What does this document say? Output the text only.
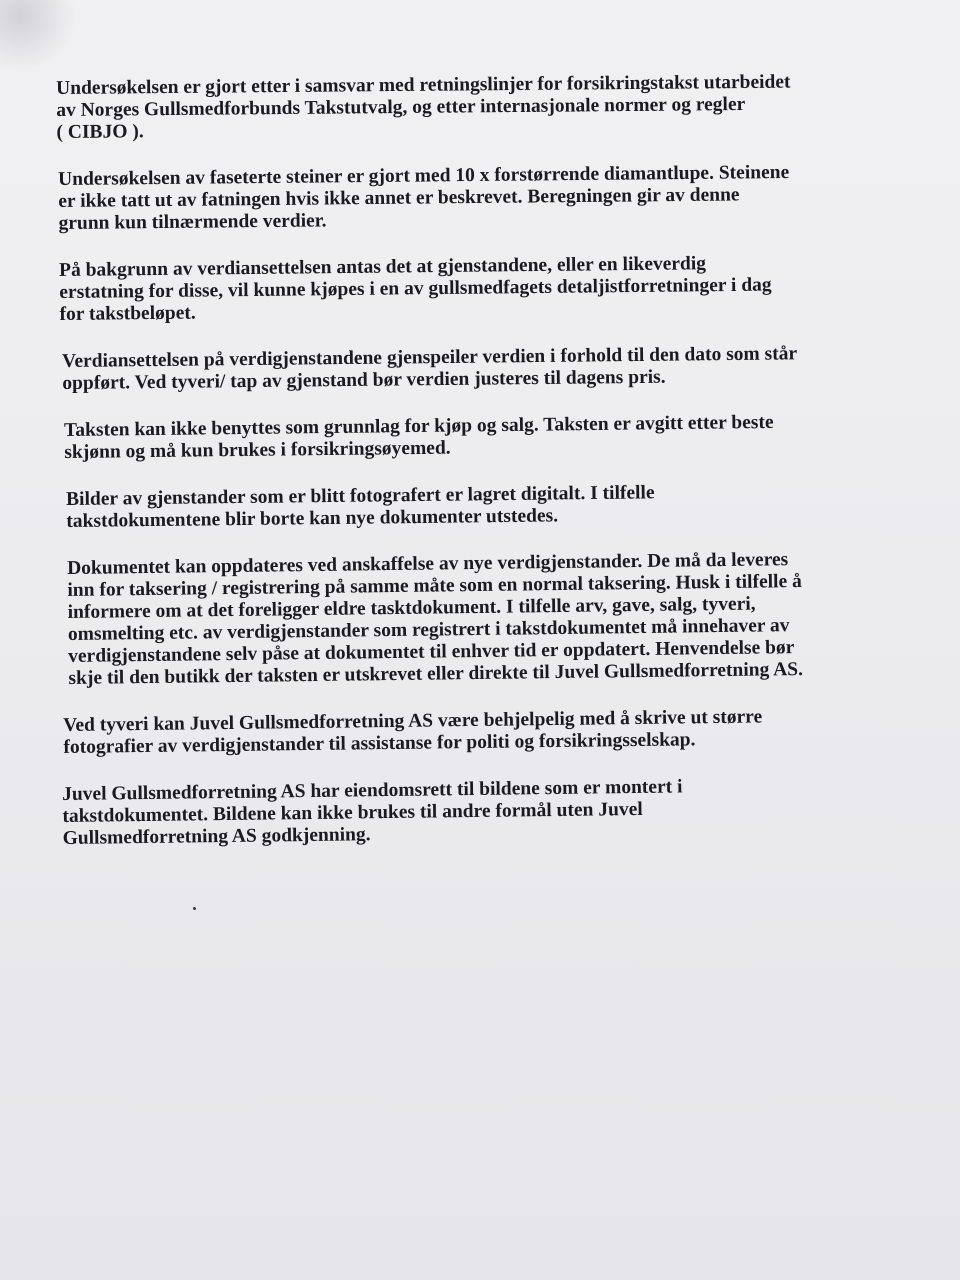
Undersøkelsen er gjort etter i samsvar med retningslinjer for forsikringstakst utarbeidet
av Norges Gullsmedforbunds Takstutvalg, og etter internasjonale normer og regler
( CIBJO ).

Undersøkelsen av faseterte steiner er gjort med 10 x forstørrende diamantlupe. Steinene
er ikke tatt ut av fatningen hvis ikke annet er beskrevet. Beregningen gir av denne
grunn kun tilnærmende verdier.

På bakgrunn av verdiansettelsen antas det at gjenstandene, eller en likeverdig
erstatning for disse, vil kunne kjøpes i en av gullsmedfagets detaljistforretninger i dag
for takstbeløpet.

Verdiansettelsen på verdigjenstandene gjenspeiler verdien i forhold til den dato som står
oppført. Ved tyveri/ tap av gjenstand bør verdien justeres til dagens pris.

Taksten kan ikke benyttes som grunnlag for kjøp og salg. Taksten er avgitt etter beste
skjønn og må kun brukes i forsikringsøyemed.

Bilder av gjenstander som er blitt fotografert er lagret digitalt. I tilfelle
takstdokumentene blir borte kan nye dokumenter utstedes.

Dokumentet kan oppdateres ved anskaffelse av nye verdigjenstander. De må da leveres
inn for taksering / registrering på samme måte som en normal taksering. Husk i tilfelle å
informere om at det foreligger eldre tasktdokument. I tilfelle arv, gave, salg, tyveri,
omsmelting etc. av verdigjenstander som registrert i takstdokumentet må innehaver av
verdigjenstandene selv påse at dokumentet til enhver tid er oppdatert. Henvendelse bør
skje til den butikk der taksten er utskrevet eller direkte til Juvel Gullsmedforretning AS.

Ved tyveri kan Juvel Gullsmedforretning AS være behjelpelig med å skrive ut større
fotografier av verdigjenstander til assistanse for politi og forsikringsselskap.

Juvel Gullsmedforretning AS har eiendomsrett til bildene som er montert i
takstdokumentet. Bildene kan ikke brukes til andre formål uten Juvel
Gullsmedforretning AS godkjenning.
